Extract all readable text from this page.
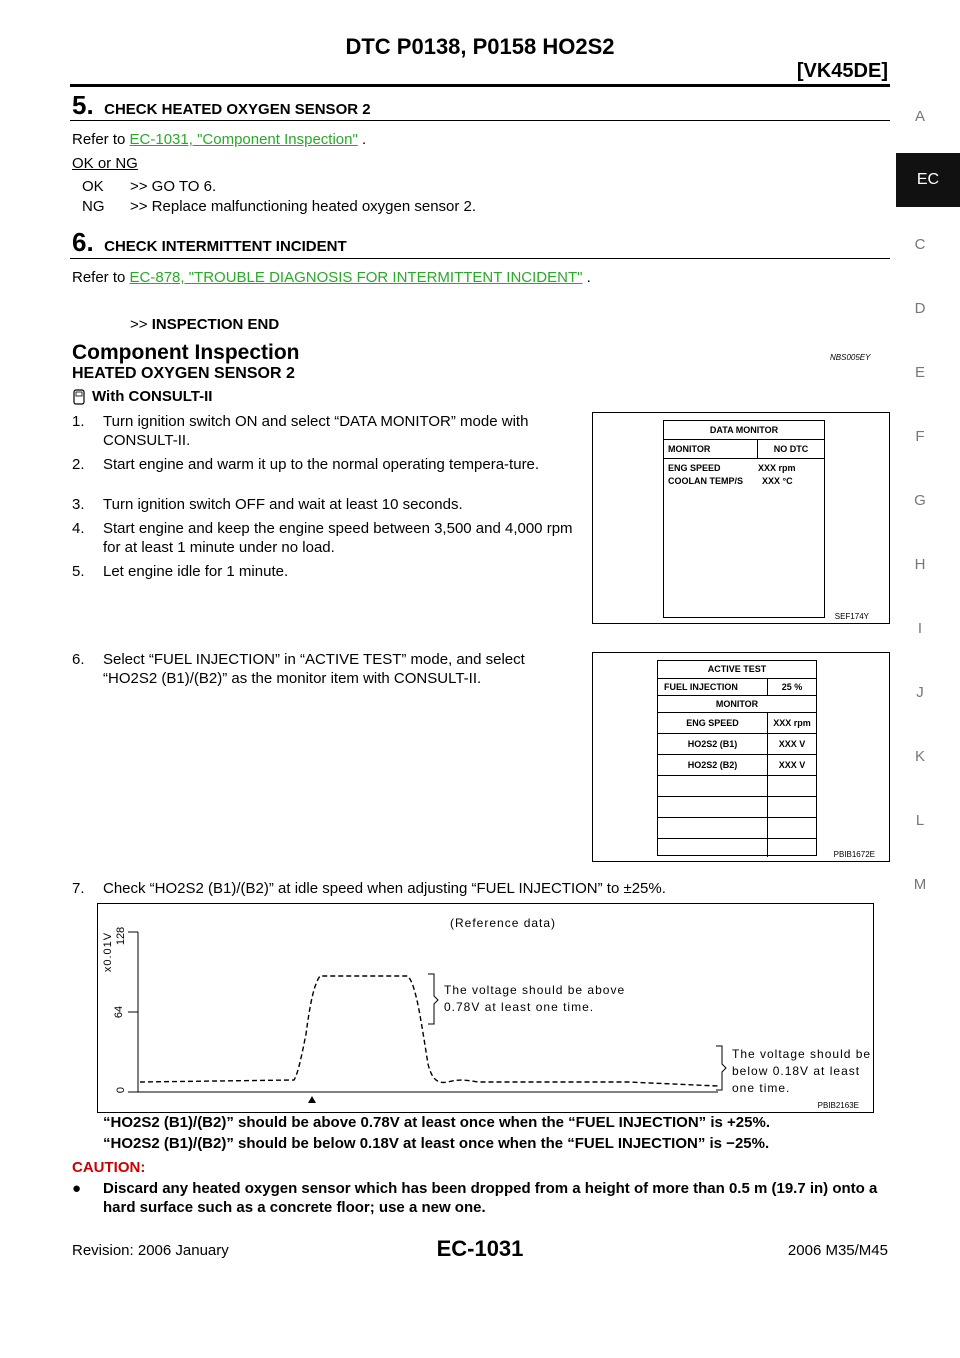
DTC P0138, P0158 HO2S2
[VK45DE]
A
EC
C
D
E
F
G
H
I
J
K
L
M
5. CHECK HEATED OXYGEN SENSOR 2
Refer to EC-1031, "Component Inspection" .
OK or NG
OK >> GO TO 6.
NG >> Replace malfunctioning heated oxygen sensor 2.
6. CHECK INTERMITTENT INCIDENT
Refer to EC-878, "TROUBLE DIAGNOSIS FOR INTERMITTENT INCIDENT" .
>> INSPECTION END
Component Inspection	NBS005EY
HEATED OXYGEN SENSOR 2
With CONSULT-II
1. Turn ignition switch ON and select “DATA MONITOR” mode with CONSULT-II.
2. Start engine and warm it up to the normal operating tempera-ture.
3. Turn ignition switch OFF and wait at least 10 seconds.
4. Start engine and keep the engine speed between 3,500 and 4,000 rpm for at least 1 minute under no load.
5. Let engine idle for 1 minute.
DATA MONITOR
MONITOR	NO DTC
ENG SPEED	XXX rpm
COOLAN TEMP/S	XXX °C
SEF174Y
6. Select “FUEL INJECTION” in “ACTIVE TEST” mode, and select “HO2S2 (B1)/(B2)” as the monitor item with CONSULT-II.
ACTIVE TEST
FUEL INJECTION	25 %
MONITOR
ENG SPEED	XXX rpm
HO2S2 (B1)	XXX V
HO2S2 (B2)	XXX V
PBIB1672E
7. Check “HO2S2 (B1)/(B2)” at idle speed when adjusting “FUEL INJECTION” to ±25%.
x0.01V 128
64
0
(Reference data)
The voltage should be above
0.78V at least one time.
The voltage should be
below 0.18V at least
one time.
PBIB2163E
“HO2S2 (B1)/(B2)” should be above 0.78V at least once when the “FUEL INJECTION” is +25%.
“HO2S2 (B1)/(B2)” should be below 0.18V at least once when the “FUEL INJECTION” is −25%.
CAUTION:
● Discard any heated oxygen sensor which has been dropped from a height of more than 0.5 m (19.7 in) onto a hard surface such as a concrete floor; use a new one.
Revision: 2006 January	EC-1031	2006 M35/M45
